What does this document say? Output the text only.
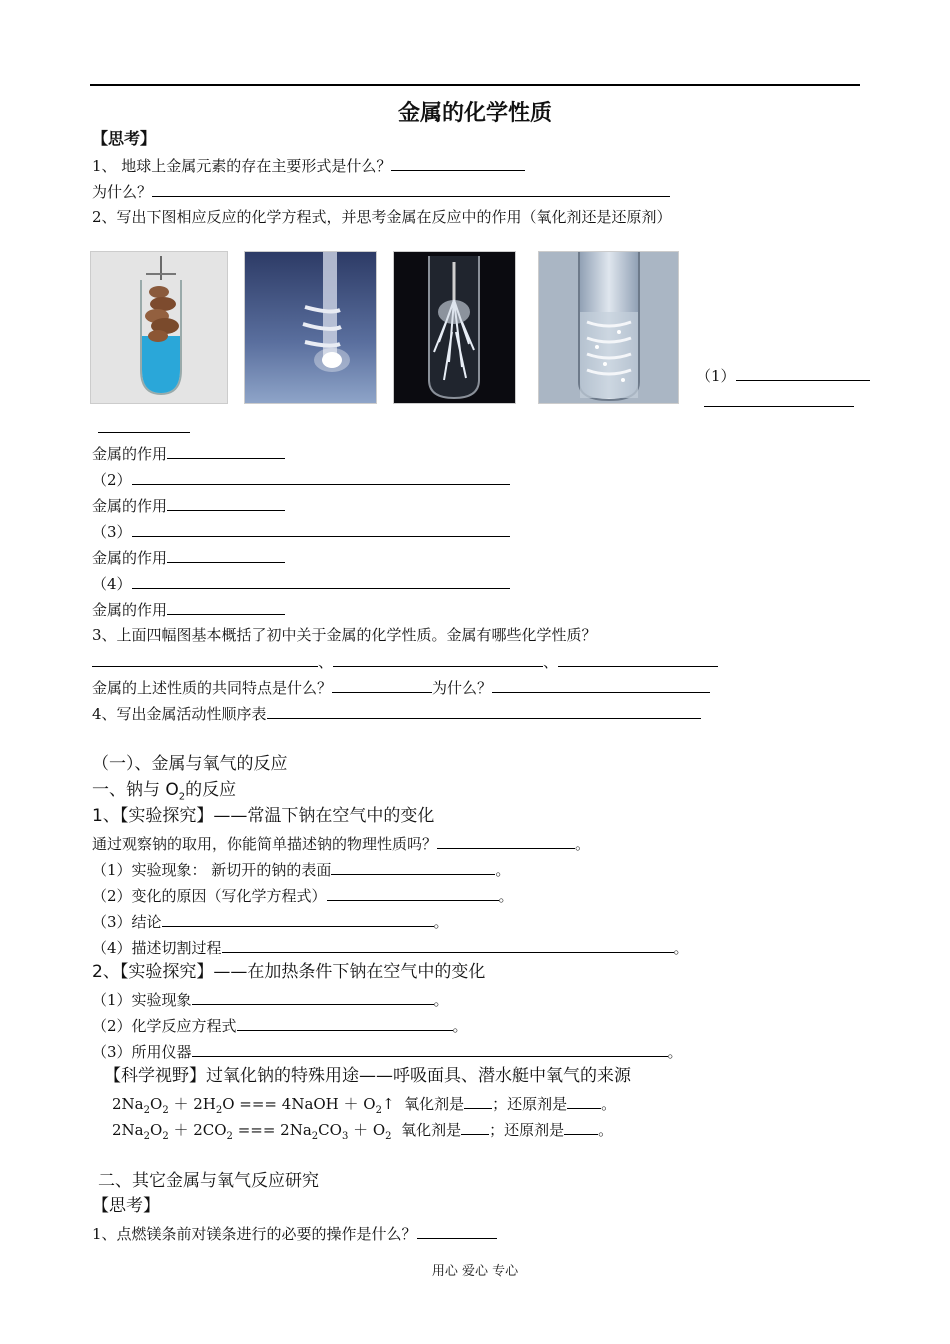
金属的化学性质
【思考】
1、 地球上金属元素的存在主要形式是什么？
为什么？
2、写出下图相应反应的化学方程式，并思考金属在反应中的作用（氧化剂还是还原剂）
（1）
金属的作用
（2）
金属的作用
（3）
金属的作用
（4）
金属的作用
3、上面四幅图基本概括了初中关于金属的化学性质。金属有哪些化学性质？
、	、
金属的上述性质的共同特点是什么？	为什么？
4、写出金属活动性顺序表
（一）、金属与氧气的反应
一、钠与 $O_2$的反应
1、【实验探究】——常温下钠在空气中的变化
通过观察钠的取用，你能简单描述钠的物理性质吗？	。
（1）实验现象： 新切开的钠的表面	。
（2）变化的原因（写化学方程式）	。
（3）结论	。
（4）描述切割过程	。
2、【实验探究】——在加热条件下钠在空气中的变化
（1）实验现象	。
（2）化学反应方程式	。
（3）所用仪器	。
【科学视野】过氧化钠的特殊用途——呼吸面具、潜水艇中氧气的来源
$2Na_2O_2 + 2H_2O$ === 4NaOH ＋ $O_2↑$  氧化剂是 ；还原剂是 。
$2Na_2O_2 + 2CO_2$ === $2Na_2CO_3 + O_2$  氧化剂是 ；还原剂是 。
二、其它金属与氧气反应研究
【思考】
1、点燃镁条前对镁条进行的必要的操作是什么？
用心 爱心 专心
